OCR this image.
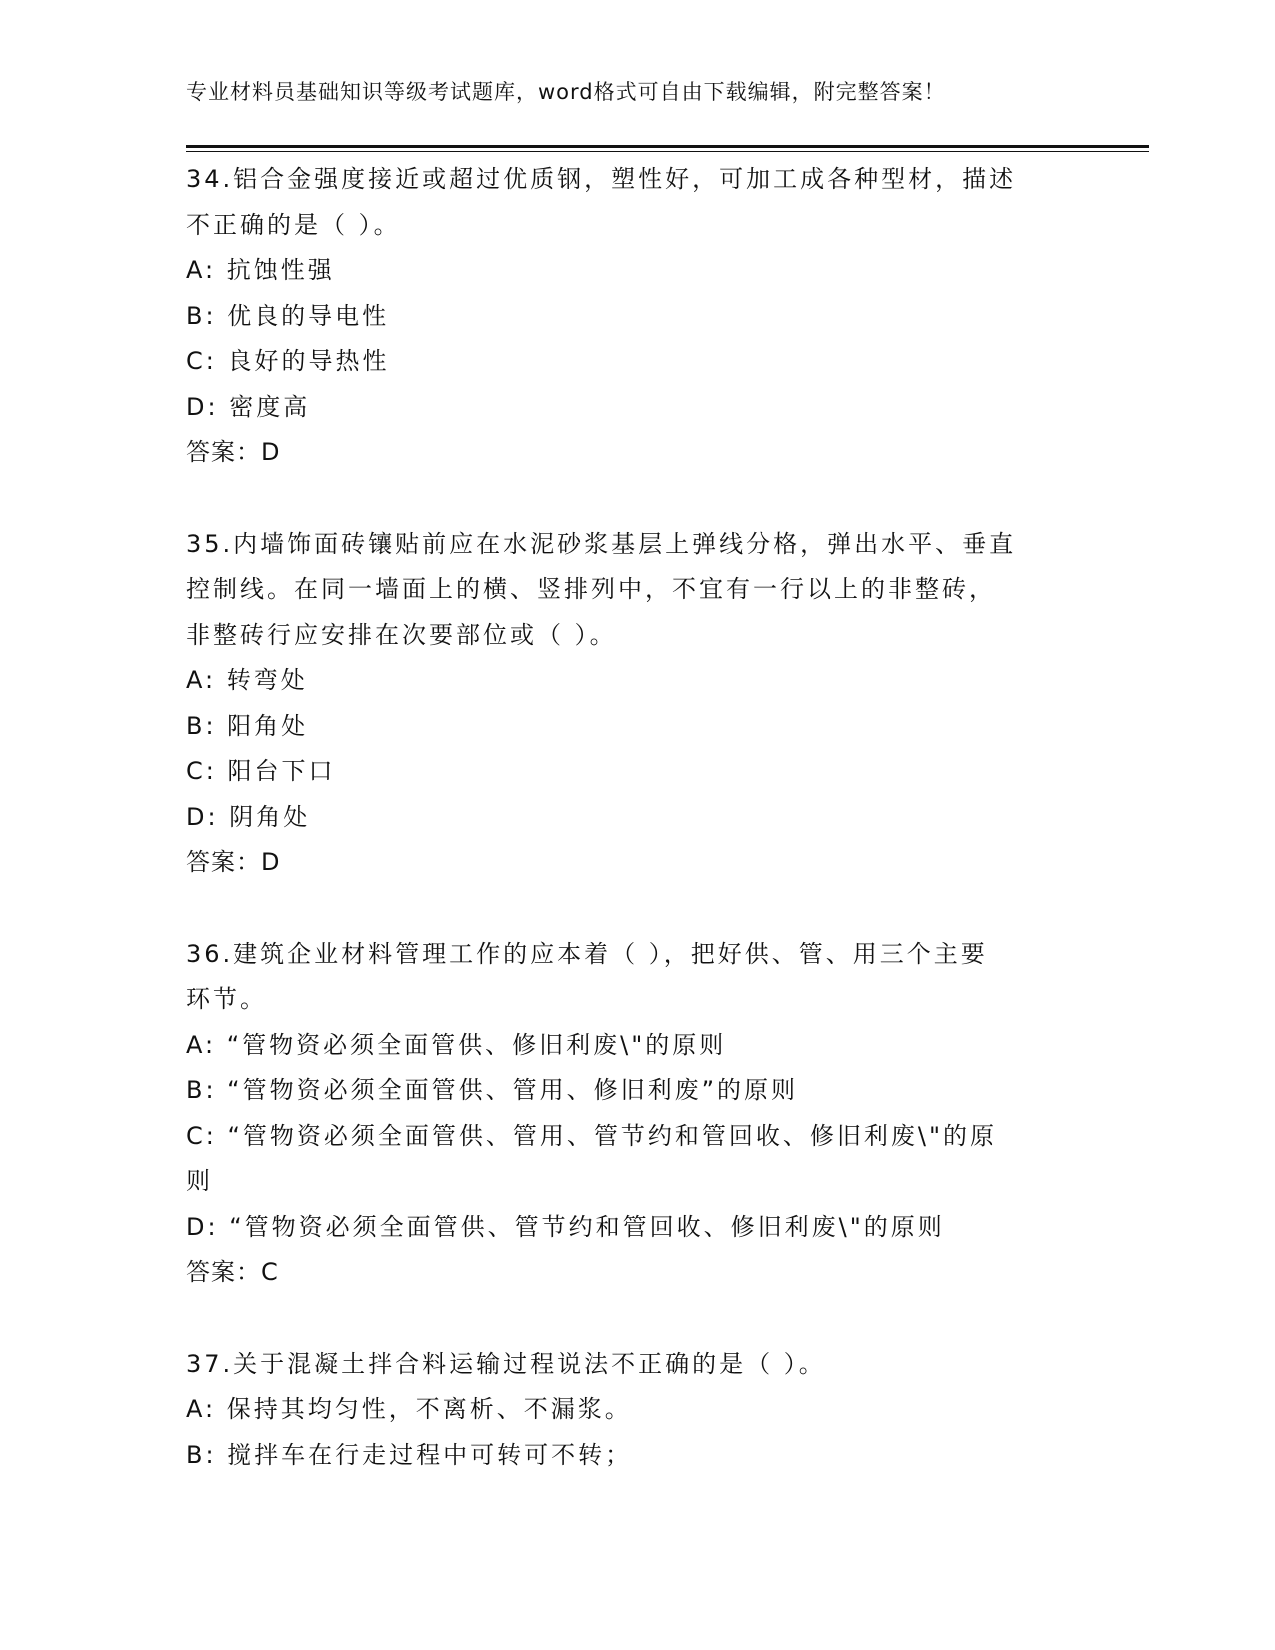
专业材料员基础知识等级考试题库，word格式可自由下载编辑，附完整答案！
34.铝合金强度接近或超过优质钢，塑性好，可加工成各种型材，描述
不正确的是（ ）。
A: 抗蚀性强
B: 优良的导电性
C: 良好的导热性
D: 密度高
答案：D
35.内墙饰面砖镶贴前应在水泥砂浆基层上弹线分格，弹出水平、垂直
控制线。在同一墙面上的横、竖排列中，不宜有一行以上的非整砖，
非整砖行应安排在次要部位或（ ）。
A: 转弯处
B: 阳角处
C: 阳台下口
D: 阴角处
答案：D
36.建筑企业材料管理工作的应本着（ ），把好供、管、用三个主要
环节。
A: “管物资必须全面管供、修旧利废\"的原则
B: “管物资必须全面管供、管用、修旧利废”的原则
C: “管物资必须全面管供、管用、管节约和管回收、修旧利废\"的原
则
D: “管物资必须全面管供、管节约和管回收、修旧利废\"的原则
答案：C
37.关于混凝土拌合料运输过程说法不正确的是（ ）。
A: 保持其均匀性，不离析、不漏浆。
B: 搅拌车在行走过程中可转可不转；
